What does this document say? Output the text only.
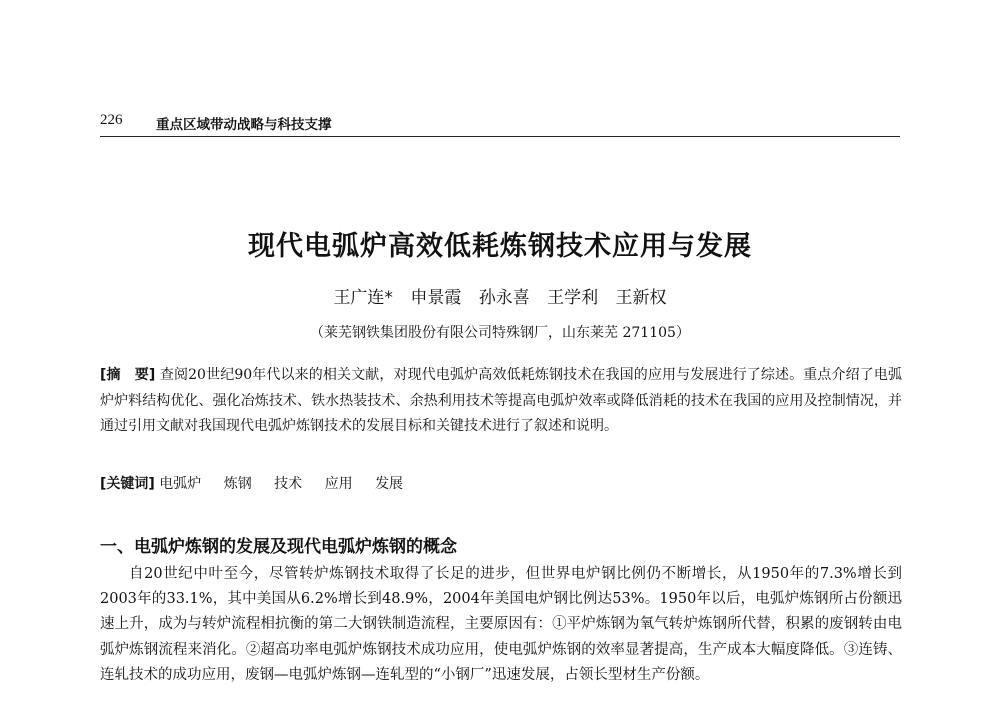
226 重点区域带动战略与科技支撑
现代电弧炉高效低耗炼钢技术应用与发展
王广连* 申景霞 孙永喜 王学利 王新权
（莱芜钢铁集团股份有限公司特殊钢厂，山东莱芜 271105）
[摘　要] 查阅20世纪90年代以来的相关文献，对现代电弧炉高效低耗炼钢技术在我国的应用与发展进行了综述。重点介绍了电弧炉炉料结构优化、强化冶炼技术、铁水热装技术、余热利用技术等提高电弧炉效率或降低消耗的技术在我国的应用及控制情况，并通过引用文献对我国现代电弧炉炼钢技术的发展目标和关键技术进行了叙述和说明。
[关键词] 电弧炉 炼钢 技术 应用 发展
一、电弧炉炼钢的发展及现代电弧炉炼钢的概念
自20世纪中叶至今，尽管转炉炼钢技术取得了长足的进步，但世界电炉钢比例仍不断增长，从1950年的7.3%增长到2003年的33.1%，其中美国从6.2%增长到48.9%，2004年美国电炉钢比例达53%。1950年以后，电弧炉炼钢所占份额迅速上升，成为与转炉流程相抗衡的第二大钢铁制造流程，主要原因有：①平炉炼钢为氧气转炉炼钢所代替，积累的废钢转由电弧炉炼钢流程来消化。②超高功率电弧炉炼钢技术成功应用，使电弧炉炼钢的效率显著提高，生产成本大幅度降低。③连铸、连轧技术的成功应用，废钢—电弧炉炼钢—连轧型的“小钢厂”迅速发展，占领长型材生产份额。
